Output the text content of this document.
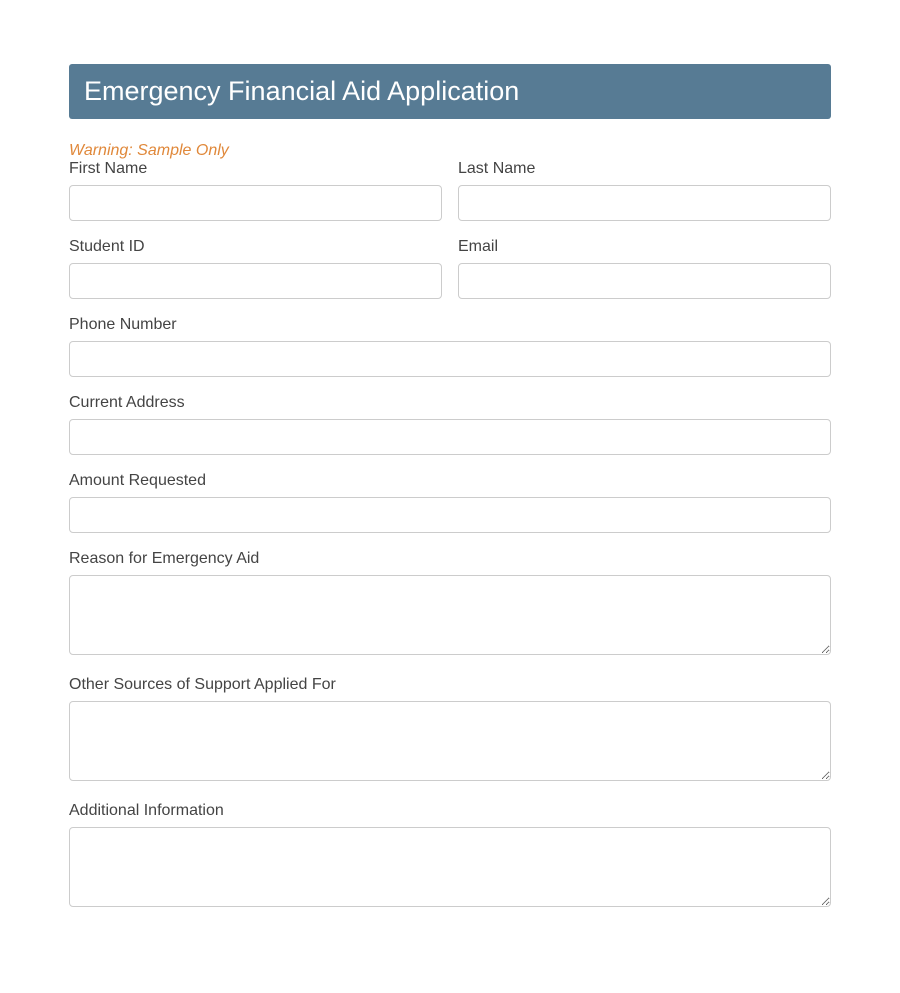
Emergency Financial Aid Application
Warning: Sample Only
First Name	Last Name
Student ID	Email
Phone Number
Current Address
Amount Requested
Reason for Emergency Aid
Other Sources of Support Applied For
Additional Information
